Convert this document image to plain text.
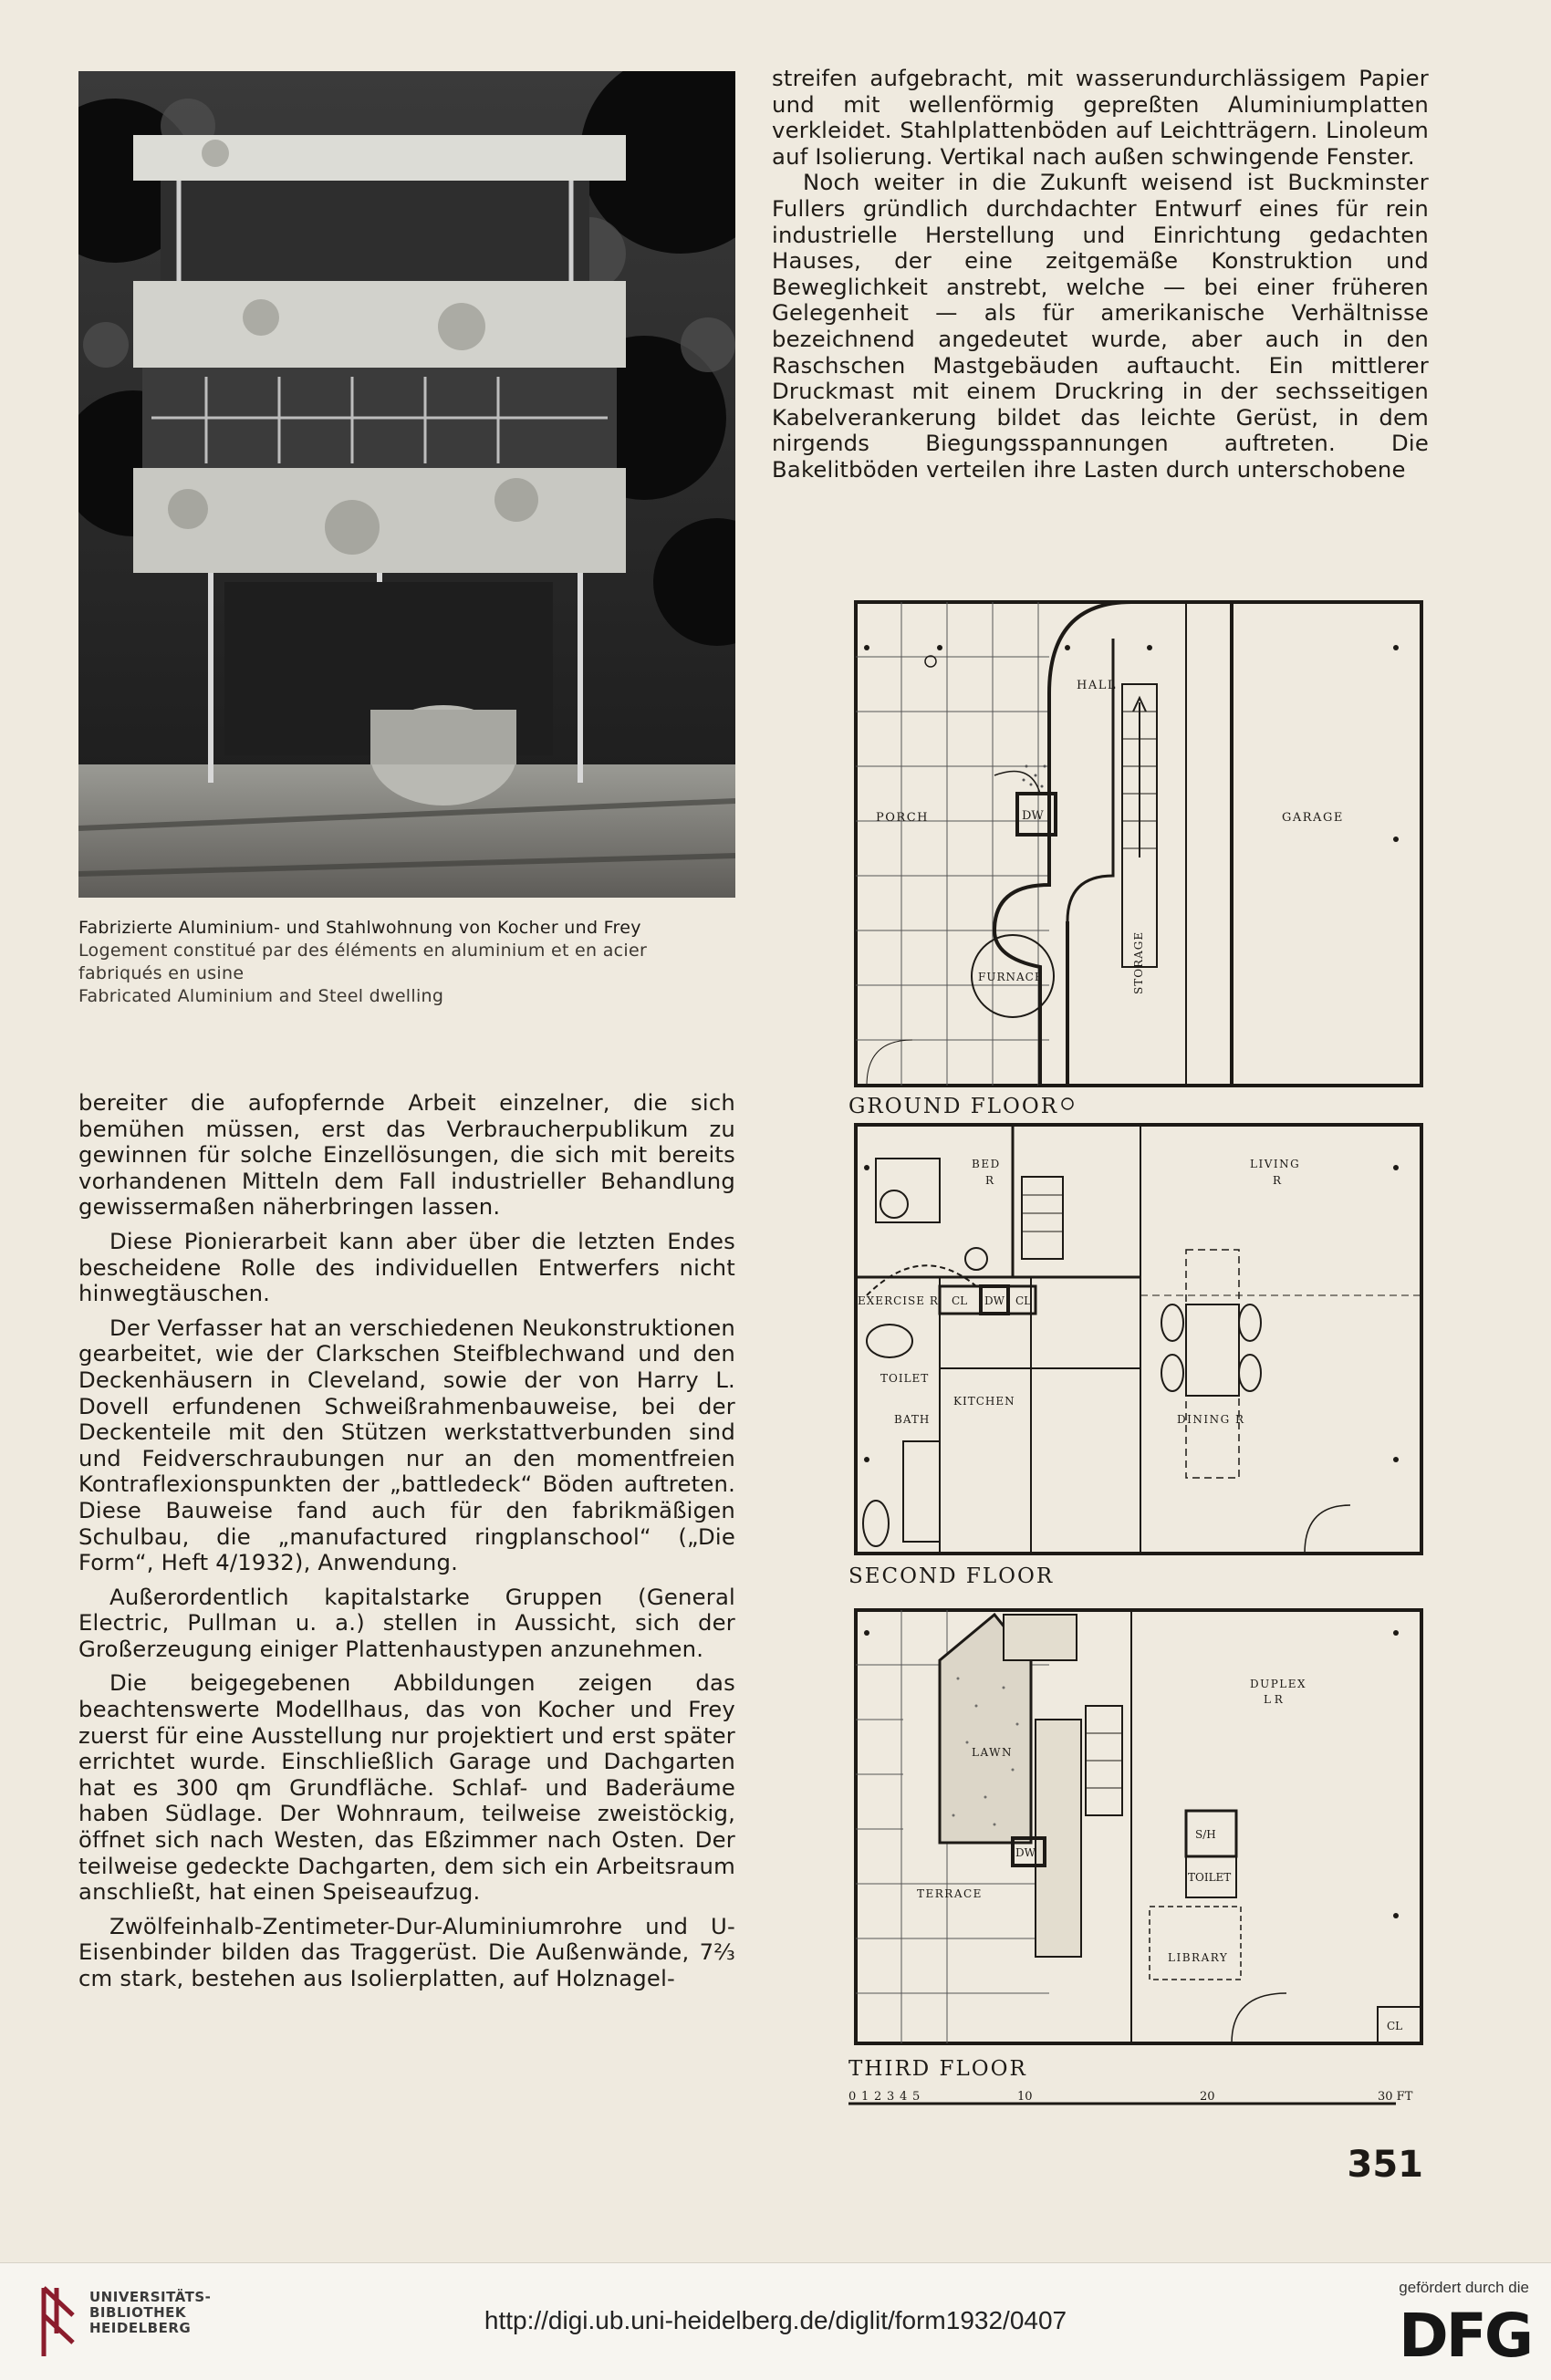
Fabrizierte Aluminium- und Stahlwohnung von Kocher und Frey
Logement constitué par des éléments en aluminium et en acier fabriqués en usine
Fabricated Aluminium and Steel dwelling

streifen aufgebracht, mit wasserundurchlässigem Papier und mit wellenförmig gepreßten Aluminiumplatten verkleidet. Stahlplattenböden auf Leichtträgern. Linoleum auf Isolierung. Vertikal nach außen schwingende Fenster.

Noch weiter in die Zukunft weisend ist Buckminster Fullers gründlich durchdachter Entwurf eines für rein industrielle Herstellung und Einrichtung gedachten Hauses, der eine zeitgemäße Konstruktion und Beweglichkeit anstrebt, welche — bei einer früheren Gelegenheit — als für amerikanische Verhältnisse bezeichnend angedeutet wurde, aber auch in den Raschschen Mastgebäuden auftaucht. Ein mittlerer Druckmast mit einem Druckring in der sechsseitigen Kabelverankerung bildet das leichte Gerüst, in dem nirgends Biegungsspannungen auftreten. Die Bakelitböden verteilen ihre Lasten durch unterschobene

bereiter die aufopfernde Arbeit einzelner, die sich bemühen müssen, erst das Verbraucherpublikum zu gewinnen für solche Einzellösungen, die sich mit bereits vorhandenen Mitteln dem Fall industrieller Behandlung gewissermaßen näherbringen lassen.

Diese Pionierarbeit kann aber über die letzten Endes bescheidene Rolle des individuellen Entwerfers nicht hinwegtäuschen.

Der Verfasser hat an verschiedenen Neukonstruktionen gearbeitet, wie der Clarkschen Steifblechwand und den Deckenhäusern in Cleveland, sowie der von Harry L. Dovell erfundenen Schweißrahmenbauweise, bei der Deckenteile mit den Stützen werkstattverbunden sind und Feidverschraubungen nur an den momentfreien Kontraflexionspunkten der „battledeck“ Böden auftreten. Diese Bauweise fand auch für den fabrikmäßigen Schulbau, die „manufactured ringplanschool“ („Die Form“, Heft 4/1932), Anwendung.

Außerordentlich kapitalstarke Gruppen (General Electric, Pullman u. a.) stellen in Aussicht, sich der Großerzeugung einiger Plattenhaustypen anzunehmen.

Die beigegebenen Abbildungen zeigen das beachtenswerte Modellhaus, das von Kocher und Frey zuerst für eine Ausstellung nur projektiert und erst später errichtet wurde. Einschließlich Garage und Dachgarten hat es 300 qm Grundfläche. Schlaf- und Baderäume haben Südlage. Der Wohnraum, teilweise zweistöckig, öffnet sich nach Westen, das Eßzimmer nach Osten. Der teilweise gedeckte Dachgarten, dem sich ein Arbeitsraum anschließt, hat einen Speiseaufzug.

Zwölfeinhalb-Zentimeter-Dur-Aluminiumrohre und U-Eisenbinder bilden das Traggerüst. Die Außenwände, 7⅔ cm stark, bestehen aus Isolierplatten, auf Holznagel-

HALL
PORCH	DW	GARAGE
FURNACE	STORAGE
GROUND FLOOR
BED
R
LIVING
R
EXERCISE R CL DW CL
TOILET
BATH
KITCHEN
DINING R
SECOND FLOOR
DUPLEX
L R
LAWN
S/H
DW
TOILET
TERRACE
LIBRARY
CL
THIRD FLOOR
0 1 2 3 4 5	10	20	30 FT
351
UNIVERSITÄTS-
BIBLIOTHEK
HEIDELBERG	http://digi.ub.uni-heidelberg.de/diglit/form1932/0407
gefördert durch die
DFG
